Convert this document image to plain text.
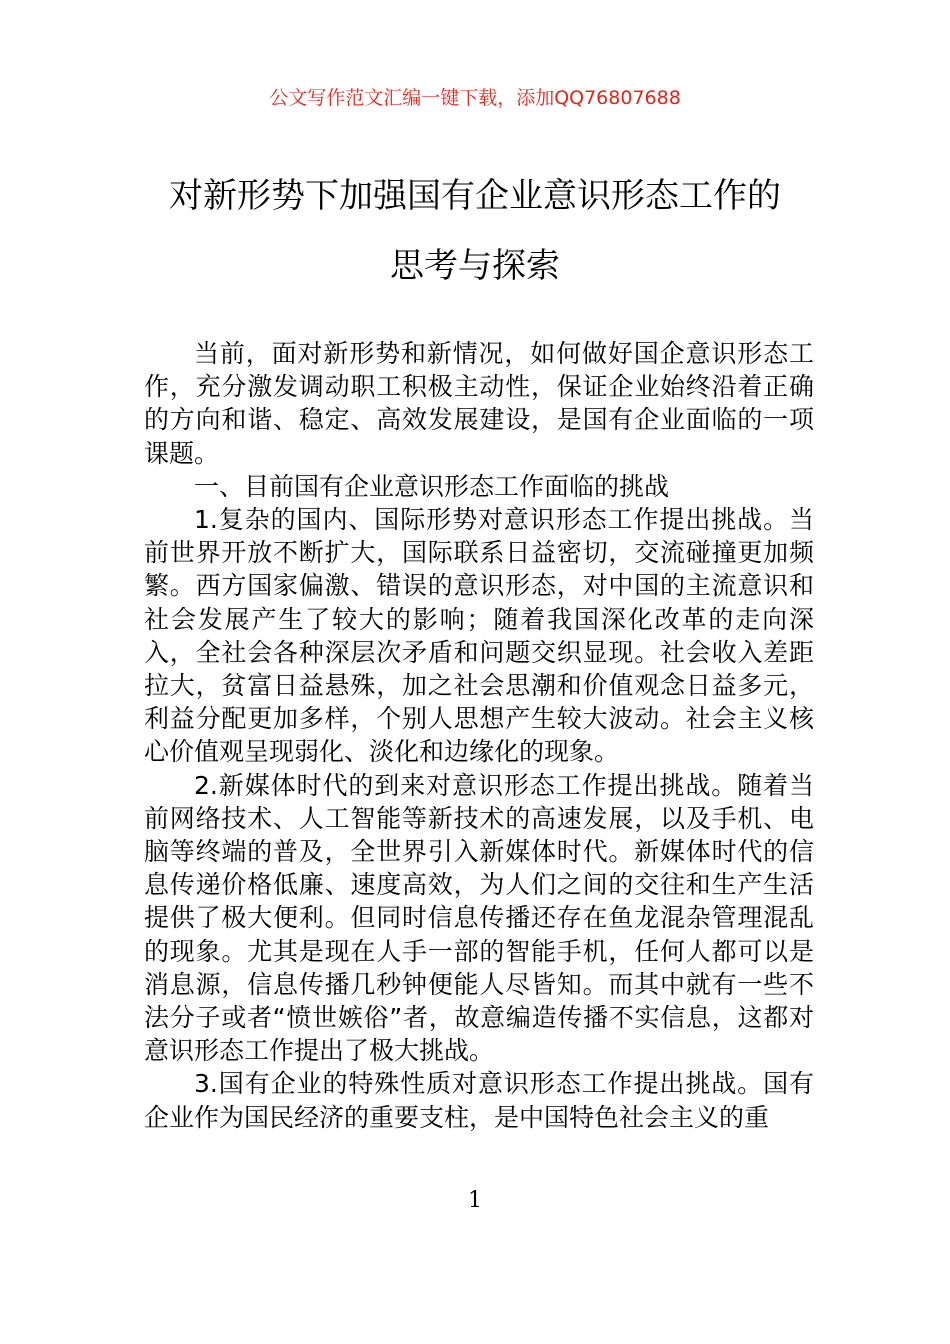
公文写作范文汇编一键下载，添加QQ76807688
对新形势下加强国有企业意识形态工作的
思考与探索

当前，面对新形势和新情况，如何做好国企意识形态工作，充分激发调动职工积极主动性，保证企业始终沿着正确的方向和谐、稳定、高效发展建设，是国有企业面临的一项课题。

一、目前国有企业意识形态工作面临的挑战

1.复杂的国内、国际形势对意识形态工作提出挑战。当前世界开放不断扩大，国际联系日益密切，交流碰撞更加频繁。西方国家偏激、错误的意识形态，对中国的主流意识和社会发展产生了较大的影响；随着我国深化改革的走向深入，全社会各种深层次矛盾和问题交织显现。社会收入差距拉大，贫富日益悬殊，加之社会思潮和价值观念日益多元，利益分配更加多样，个别人思想产生较大波动。社会主义核心价值观呈现弱化、淡化和边缘化的现象。

2.新媒体时代的到来对意识形态工作提出挑战。随着当前网络技术、人工智能等新技术的高速发展，以及手机、电脑等终端的普及，全世界引入新媒体时代。新媒体时代的信息传递价格低廉、速度高效，为人们之间的交往和生产生活提供了极大便利。但同时信息传播还存在鱼龙混杂管理混乱的现象。尤其是现在人手一部的智能手机，任何人都可以是消息源，信息传播几秒钟便能人尽皆知。而其中就有一些不法分子或者“愤世嫉俗”者，故意编造传播不实信息，这都对意识形态工作提出了极大挑战。

3.国有企业的特殊性质对意识形态工作提出挑战。国有企业作为国民经济的重要支柱，是中国特色社会主义的重

1
